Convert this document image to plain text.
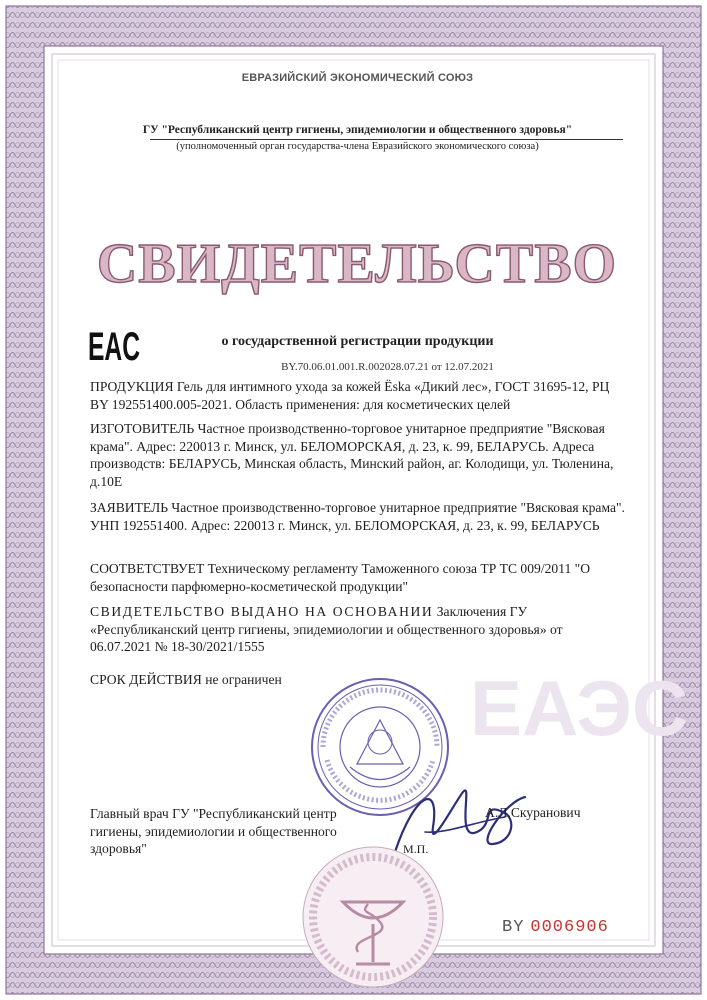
ЕАЭС
ЕВРАЗИЙСКИЙ ЭКОНОМИЧЕСКИЙ СОЮЗ
ГУ "Республиканский центр гигиены, эпидемиологии и общественного здоровья"
(уполномоченный орган государства-члена Евразийского экономического союза)
СВИДЕТЕЛЬСТВО
EAC	о государственной регистрации продукции
BY.70.06.01.001.R.002028.07.21 от 12.07.2021

ПРОДУКЦИЯ Гель для интимного ухода за кожей Ёska «Дикий лес», ГОСТ 31695-12, РЦ BY 192551400.005-2021. Область применения: для косметических целей

ИЗГОТОВИТЕЛЬ Частное производственно-торговое унитарное предприятие "Вясковая крама". Адрес: 220013 г. Минск, ул. БЕЛОМОРСКАЯ, д. 23, к. 99, БЕЛАРУСЬ. Адреса производств: БЕЛАРУСЬ, Минская область, Минский район, аг. Колодищи, ул. Тюленина, д.10Е

ЗАЯВИТЕЛЬ Частное производственно-торговое унитарное предприятие "Вясковая крама". УНП 192551400. Адрес: 220013 г. Минск, ул. БЕЛОМОРСКАЯ, д. 23, к. 99, БЕЛАРУСЬ

СООТВЕТСТВУЕТ Техническому регламенту Таможенного союза ТР ТС 009/2011 "О безопасности парфюмерно-косметической продукции"

СВИДЕТЕЛЬСТВО ВЫДАНО НА ОСНОВАНИИ Заключения ГУ «Республиканский центр гигиены, эпидемиологии и общественного здоровья» от 06.07.2021 № 18-30/2021/1555

СРОК ДЕЙСТВИЯ не ограничен

Главный врач ГУ "Республиканский центр гигиены, эпидемиологии и общественного здоровья"	М.П.
А.Л.Скуранович
BY 0006906
